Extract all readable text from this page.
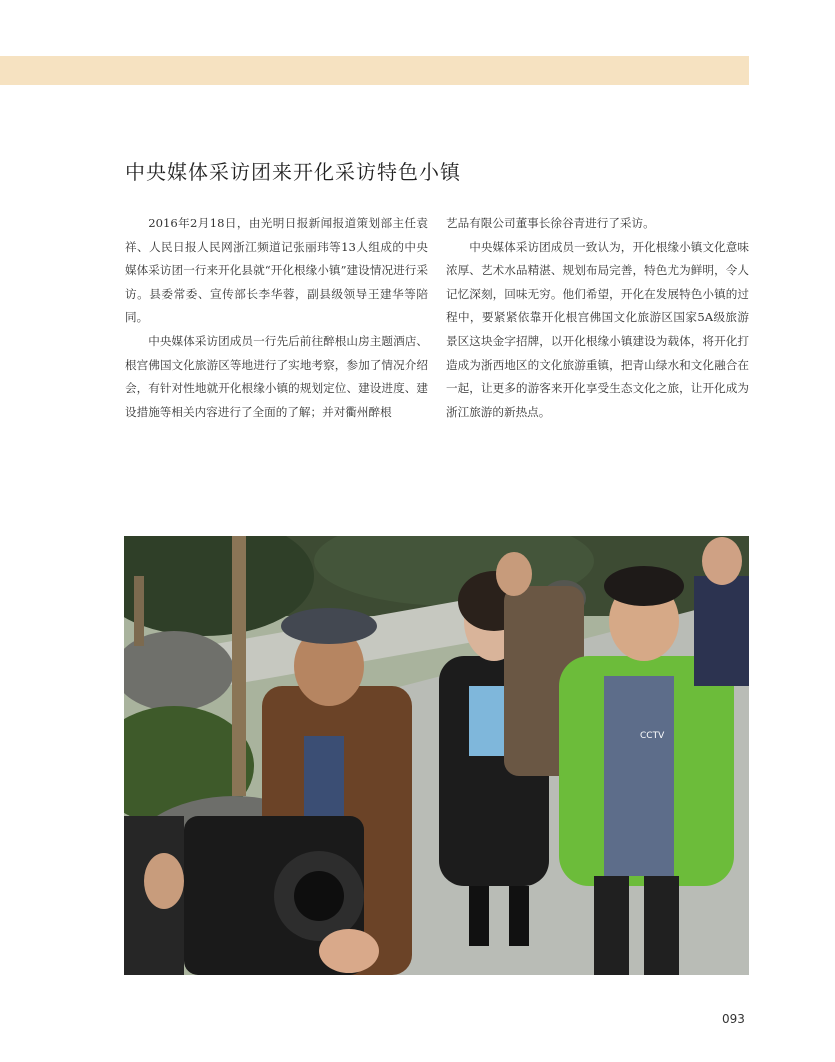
中央媒体采访团来开化采访特色小镇

2016年2月18日，由光明日报新闻报道策划部主任袁祥、人民日报人民网浙江频道记张丽玮等13人组成的中央媒体采访团一行来开化县就“开化根缘小镇”建设情况进行采访。县委常委、宣传部长李华蓉，副县级领导王建华等陪同。

中央媒体采访团成员一行先后前往醉根山房主题酒店、根宫佛国文化旅游区等地进行了实地考察，参加了情况介绍会，有针对性地就开化根缘小镇的规划定位、建设进度、建设措施等相关内容进行了全面的了解；并对衢州醉根

艺品有限公司董事长徐谷青进行了采访。

中央媒体采访团成员一致认为，开化根缘小镇文化意味浓厚、艺术水品精湛、规划布局完善，特色尤为鲜明，令人记忆深刻，回味无穷。他们希望，开化在发展特色小镇的过程中，要紧紧依靠开化根宫佛国文化旅游区国家5A级旅游景区这块金字招牌，以开化根缘小镇建设为载体，将开化打造成为浙西地区的文化旅游重镇，把青山绿水和文化融合在一起，让更多的游客来开化享受生态文化之旅，让开化成为浙江旅游的新热点。

CCTV
093
